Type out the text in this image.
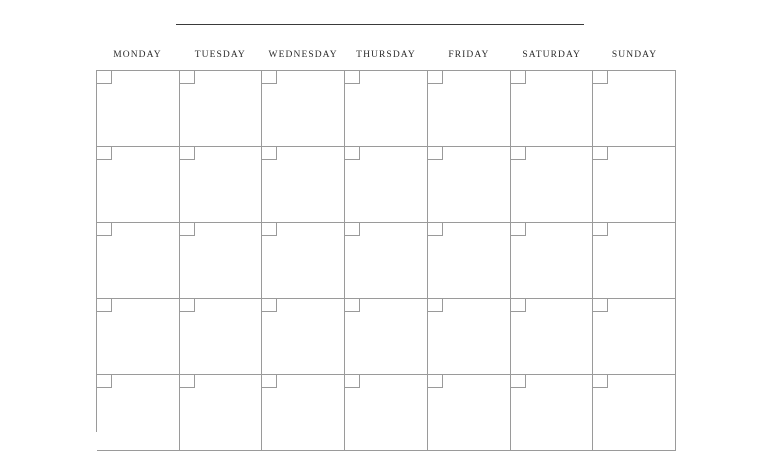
MONDAY	TUESDAY	WEDNESDAY	THURSDAY	FRIDAY	SATURDAY	SUNDAY
